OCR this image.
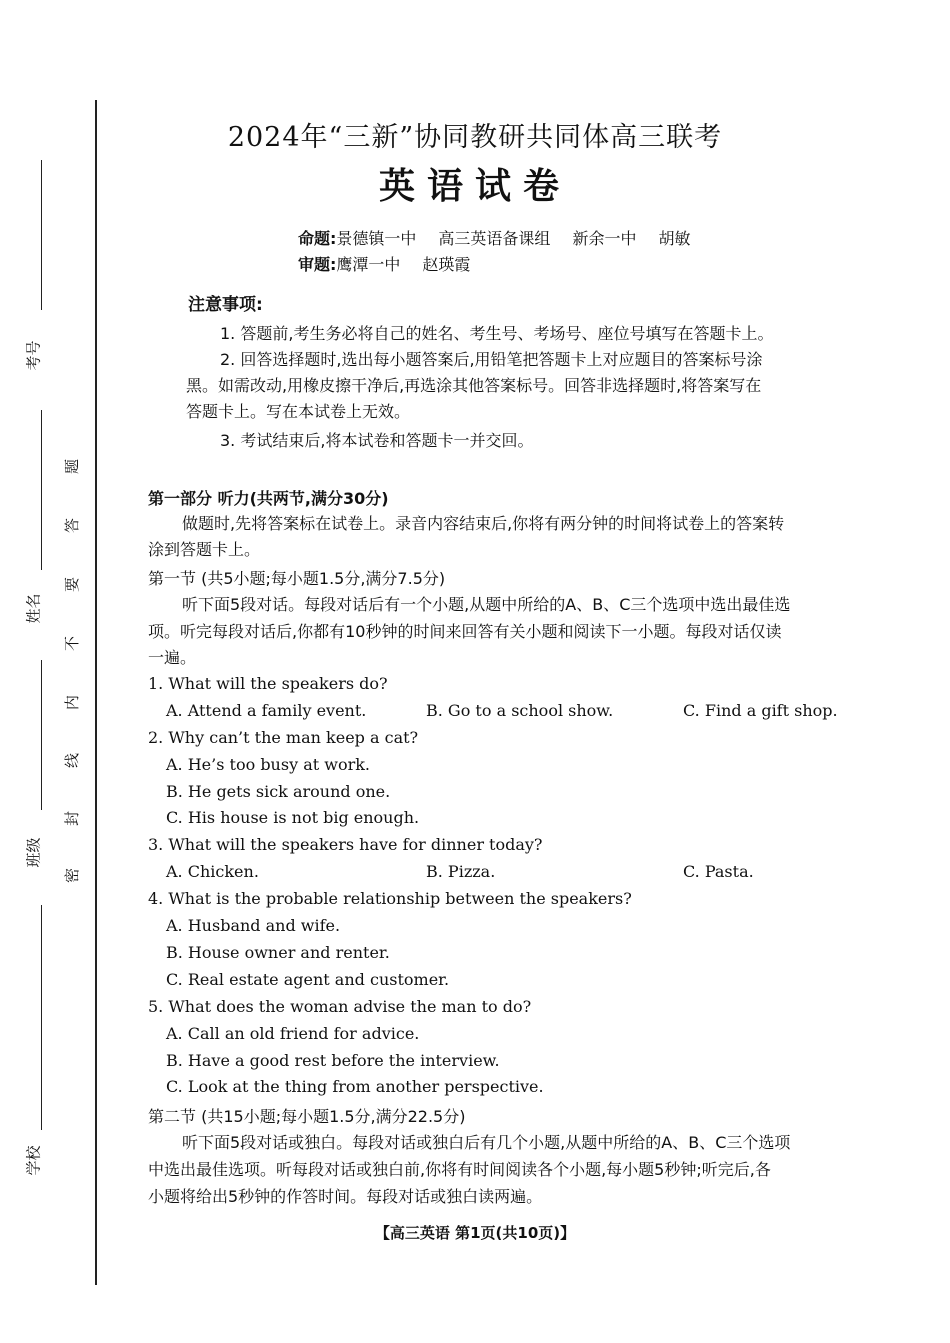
考号
姓名
班级
学校
题
答
要
不
内
线
封
密
2024年“三新”协同教研共同体高三联考
英语试卷
命题:景德镇一中 高三英语备课组 新余一中 胡敏
审题:鹰潭一中 赵瑛霞
注意事项:
1. 答题前,考生务必将自己的姓名、考生号、考场号、座位号填写在答题卡上。
2. 回答选择题时,选出每小题答案后,用铅笔把答题卡上对应题目的答案标号涂
黑。如需改动,用橡皮擦干净后,再选涂其他答案标号。回答非选择题时,将答案写在
答题卡上。写在本试卷上无效。
3. 考试结束后,将本试卷和答题卡一并交回。
第一部分 听力(共两节,满分30分)
做题时,先将答案标在试卷上。录音内容结束后,你将有两分钟的时间将试卷上的答案转
涂到答题卡上。
第一节 (共5小题;每小题1.5分,满分7.5分)
听下面5段对话。每段对话后有一个小题,从题中所给的A、B、C三个选项中选出最佳选
项。听完每段对话后,你都有10秒钟的时间来回答有关小题和阅读下一小题。每段对话仅读
一遍。
1. What will the speakers do?
A. Attend a family event.	B. Go to a school show.	C. Find a gift shop.
2. Why can’t the man keep a cat?
A. He’s too busy at work.
B. He gets sick around one.
C. His house is not big enough.
3. What will the speakers have for dinner today?
A. Chicken.	B. Pizza.	C. Pasta.
4. What is the probable relationship between the speakers?
A. Husband and wife.
B. House owner and renter.
C. Real estate agent and customer.
5. What does the woman advise the man to do?
A. Call an old friend for advice.
B. Have a good rest before the interview.
C. Look at the thing from another perspective.
第二节 (共15小题;每小题1.5分,满分22.5分)
听下面5段对话或独白。每段对话或独白后有几个小题,从题中所给的A、B、C三个选项
中选出最佳选项。听每段对话或独白前,你将有时间阅读各个小题,每小题5秒钟;听完后,各
小题将给出5秒钟的作答时间。每段对话或独白读两遍。
【高三英语 第1页(共10页)】
